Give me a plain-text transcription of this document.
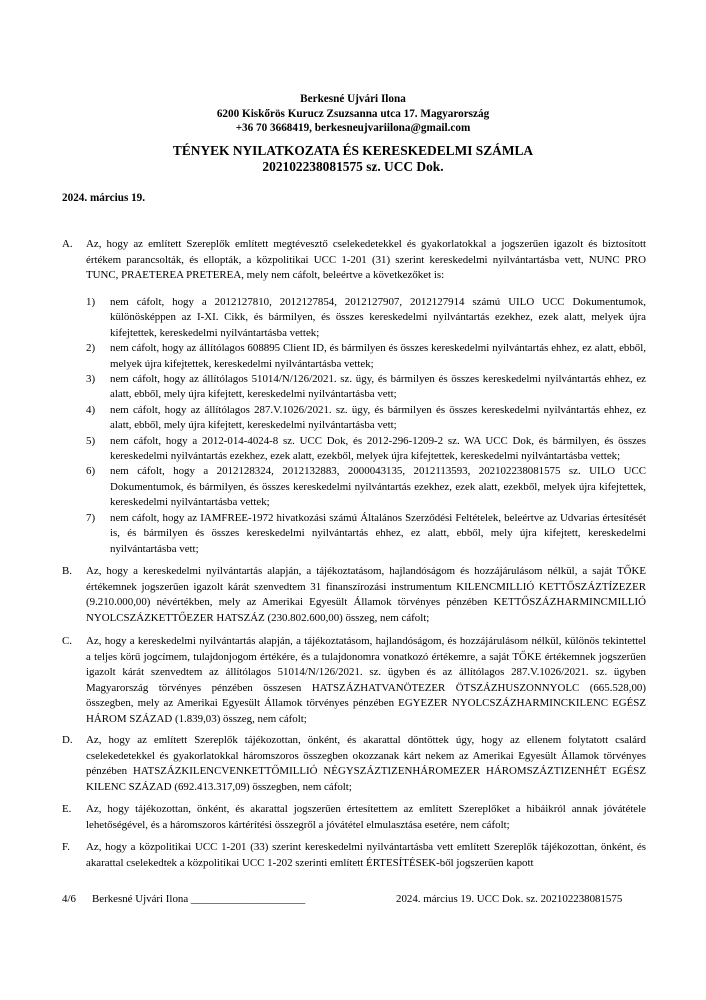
Berkesné Ujvári Ilona
6200 Kiskőrös Kurucz Zsuzsanna utca 17. Magyarország
+36 70 3668419, berkesneujvariilona@gmail.com
TÉNYEK NYILATKOZATA ÉS KERESKEDELMI SZÁMLA
202102238081575 sz. UCC Dok.
2024. március 19.
A.	Az, hogy az említett Szereplők említett megtévesztő cselekedetekkel és gyakorlatokkal a jogszerűen igazolt és biztosított értékem parancsolták, és ellopták, a közpolitikai UCC 1-201 (31) szerint kereskedelmi nyilvántartásba vett, NUNC PRO TUNC, PRAETEREA PRETEREA, mely nem cáfolt, beleértve a következőket is:
1) nem cáfolt, hogy a 2012127810, 2012127854, 2012127907, 2012127914 számú UILO UCC Dokumentumok, különösképpen az I-XI. Cikk, és bármilyen, és összes kereskedelmi nyilvántartás ezekhez, ezek alatt, melyek újra kifejtettek, kereskedelmi nyilvántartásba vettek;
2) nem cáfolt, hogy az állítólagos 608895 Client ID, és bármilyen és összes kereskedelmi nyilvántartás ehhez, ez alatt, ebből, melyek újra kifejtettek, kereskedelmi nyilvántartásba vettek;
3) nem cáfolt, hogy az állítólagos 51014/N/126/2021. sz. ügy, és bármilyen és összes kereskedelmi nyilvántartás ehhez, ez alatt, ebből, mely újra kifejtett, kereskedelmi nyilvántartásba vett;
4) nem cáfolt, hogy az állítólagos 287.V.1026/2021. sz. ügy, és bármilyen és összes kereskedelmi nyilvántartás ehhez, ez alatt, ebből, mely újra kifejtett, kereskedelmi nyilvántartásba vett;
5) nem cáfolt, hogy a 2012-014-4024-8 sz. UCC Dok, és 2012-296-1209-2 sz. WA UCC Dok, és bármilyen, és összes kereskedelmi nyilvántartás ezekhez, ezek alatt, ezekből, melyek újra kifejtettek, kereskedelmi nyilvántartásba vettek;
6) nem cáfolt, hogy a 2012128324, 2012132883, 2000043135, 2012113593, 202102238081575 sz. UILO UCC Dokumentumok, és bármilyen, és összes kereskedelmi nyilvántartás ezekhez, ezek alatt, ezekből, melyek újra kifejtettek, kereskedelmi nyilvántartásba vettek;
7) nem cáfolt, hogy az IAMFREE-1972 hivatkozási számú Általános Szerződési Feltételek, beleértve az Udvarias értesítését is, és bármilyen és összes kereskedelmi nyilvántartás ehhez, ez alatt, ebből, mely újra kifejtett, kereskedelmi nyilvántartásba vett;
B.	Az, hogy a kereskedelmi nyilvántartás alapján, a tájékoztatásom, hajlandóságom és hozzájárulásom nélkül, a saját TŐKE értékemnek jogszerűen igazolt kárát szenvedtem 31 finanszírozási instrumentum KILENCMILLIÓ KETTŐSZÁZTÍZEZER (9.210.000,00) névértékben, mely az Amerikai Egyesült Államok törvényes pénzében KETTŐSZÁZHARMINCMILLIÓ NYOLCSZÁZKETTŐEZER HATSZÁZ (230.802.600,00) összeg, nem cáfolt;
C.	Az, hogy a kereskedelmi nyilvántartás alapján, a tájékoztatásom, hajlandóságom, és hozzájárulásom nélkül, különös tekintettel a teljes körű jogcímem, tulajdonjogom értékére, és a tulajdonomra vonatkozó értékemre, a saját TŐKE értékemnek jogszerűen igazolt kárát szenvedtem az állítólagos 51014/N/126/2021. sz. ügyben és az állítólagos 287.V.1026/2021. sz. ügyben Magyarország törvényes pénzében összesen HATSZÁZHATVANÖTEZER ÖTSZÁZHUSZONNYOLC (665.528,00) összegben, mely az Amerikai Egyesült Államok törvényes pénzében EGYEZER NYOLCSZÁZHARMINCKILENC EGÉSZ HÁROM SZÁZAD (1.839,03) összeg, nem cáfolt;
D.	Az, hogy az említett Szereplők tájékozottan, önként, és akarattal döntöttek úgy, hogy az ellenem folytatott csalárd cselekedetekkel és gyakorlatokkal háromszoros összegben okozzanak kárt nekem az Amerikai Egyesült Államok törvényes pénzében HATSZÁZKILENCVENKETTŐMILLIÓ NÉGYSZÁZTIZENHÁROMEZER HÁROMSZÁZTIZENHÉT EGÉSZ KILENC SZÁZAD (692.413.317,09) összegben, nem cáfolt;
E.	Az, hogy tájékozottan, önként, és akarattal jogszerűen értesítettem az említett Szereplőket a hibáikról annak jóvátétele lehetőségével, és a háromszoros kártérítési összegről a jóvátétel elmulasztása esetére, nem cáfolt;
F.	Az, hogy a közpolitikai UCC 1-201 (33) szerint kereskedelmi nyilvántartásba vett említett Szereplők tájékozottan, önként, és akarattal cselekedtek a közpolitikai UCC 1-202 szerinti említett ÉRTESÍTÉSEK-ből jogszerűen kapott
4/6 Berkesné Ujvári Ilona _____________________	2024. március 19. UCC Dok. sz. 202102238081575
